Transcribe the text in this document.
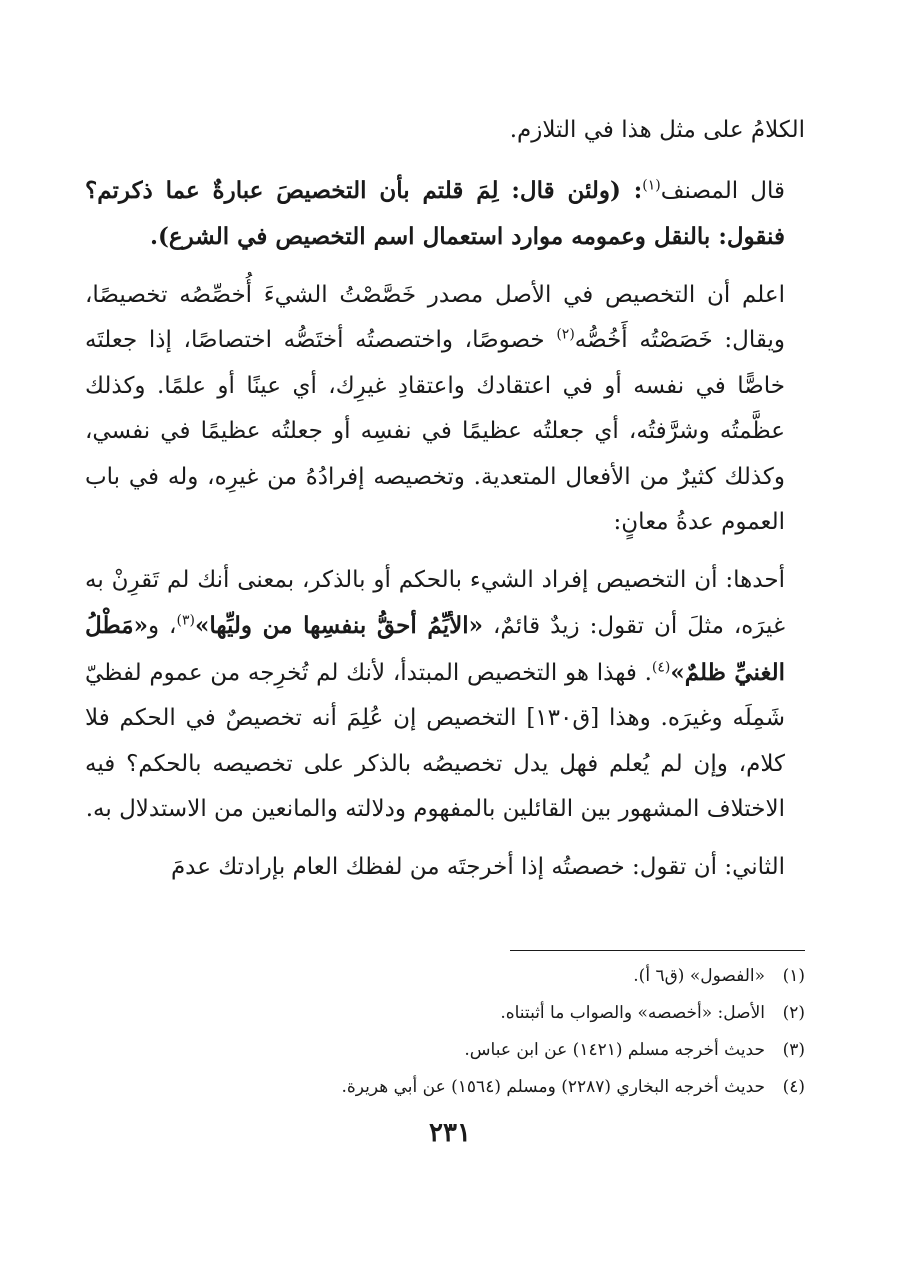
الكلامُ على مثل هذا في التلازم.

قال المصنف$^{(١)}$: (ولئن قال: لِمَ قلتم بأن التخصيصَ عبارةٌ عما ذكرتم؟ فنقول: بالنقل وعمومه موارد استعمال اسم التخصيص في الشرع).

اعلم أن التخصيص في الأصل مصدر خَصَّصْتُ الشيءَ أُخصِّصُه تخصيصًا، ويقال: خَصَصْتُه أَخُصُّه$^{(٢)}$ خصوصًا، واختصصتُه أختَصُّه اختصاصًا، إذا جعلتَه خاصًّا في نفسه أو في اعتقادك واعتقادِ غيرِك، أي عينًا أو علمًا. وكذلك عظَّمتُه وشرَّفتُه، أي جعلتُه عظيمًا في نفسِه أو جعلتُه عظيمًا في نفسي، وكذلك كثيرٌ من الأفعال المتعدية. وتخصيصه إفرادُهُ من غيرِه، وله في باب العموم عدةُ معانٍ:

أحدها: أن التخصيص إفراد الشيء بالحكم أو بالذكر، بمعنى أنك لم تَقرِنْ به غيرَه، مثلَ أن تقول: زيدٌ قائمٌ، «الأيِّمُ أحقُّ بنفسِها من وليِّها»$^{(٣)}$، و«مَطْلُ الغنيِّ ظلمٌ»$^{(٤)}$. فهذا هو التخصيص المبتدأ، لأنك لم تُخرِجه من عموم لفظيّ شَمِلَه وغيرَه. وهذا [ق١٣٠] التخصيص إن عُلِمَ أنه تخصيصٌ في الحكم فلا كلام، وإن لم يُعلم فهل يدل تخصيصُه بالذكر على تخصيصه بالحكم؟ فيه الاختلاف المشهور بين القائلين بالمفهوم ودلالته والمانعين من الاستدلال به.

الثاني: أن تقول: خصصتُه إذا أخرجتَه من لفظك العام بإرادتك عدمَ

(١)«الفصول» (ق٦ أ).
(٢)الأصل: «أخصصه» والصواب ما أثبتناه.
(٣)حديث أخرجه مسلم (١٤٢١) عن ابن عباس.
(٤)حديث أخرجه البخاري (٢٢٨٧) ومسلم (١٥٦٤) عن أبي هريرة.
٢٣١
